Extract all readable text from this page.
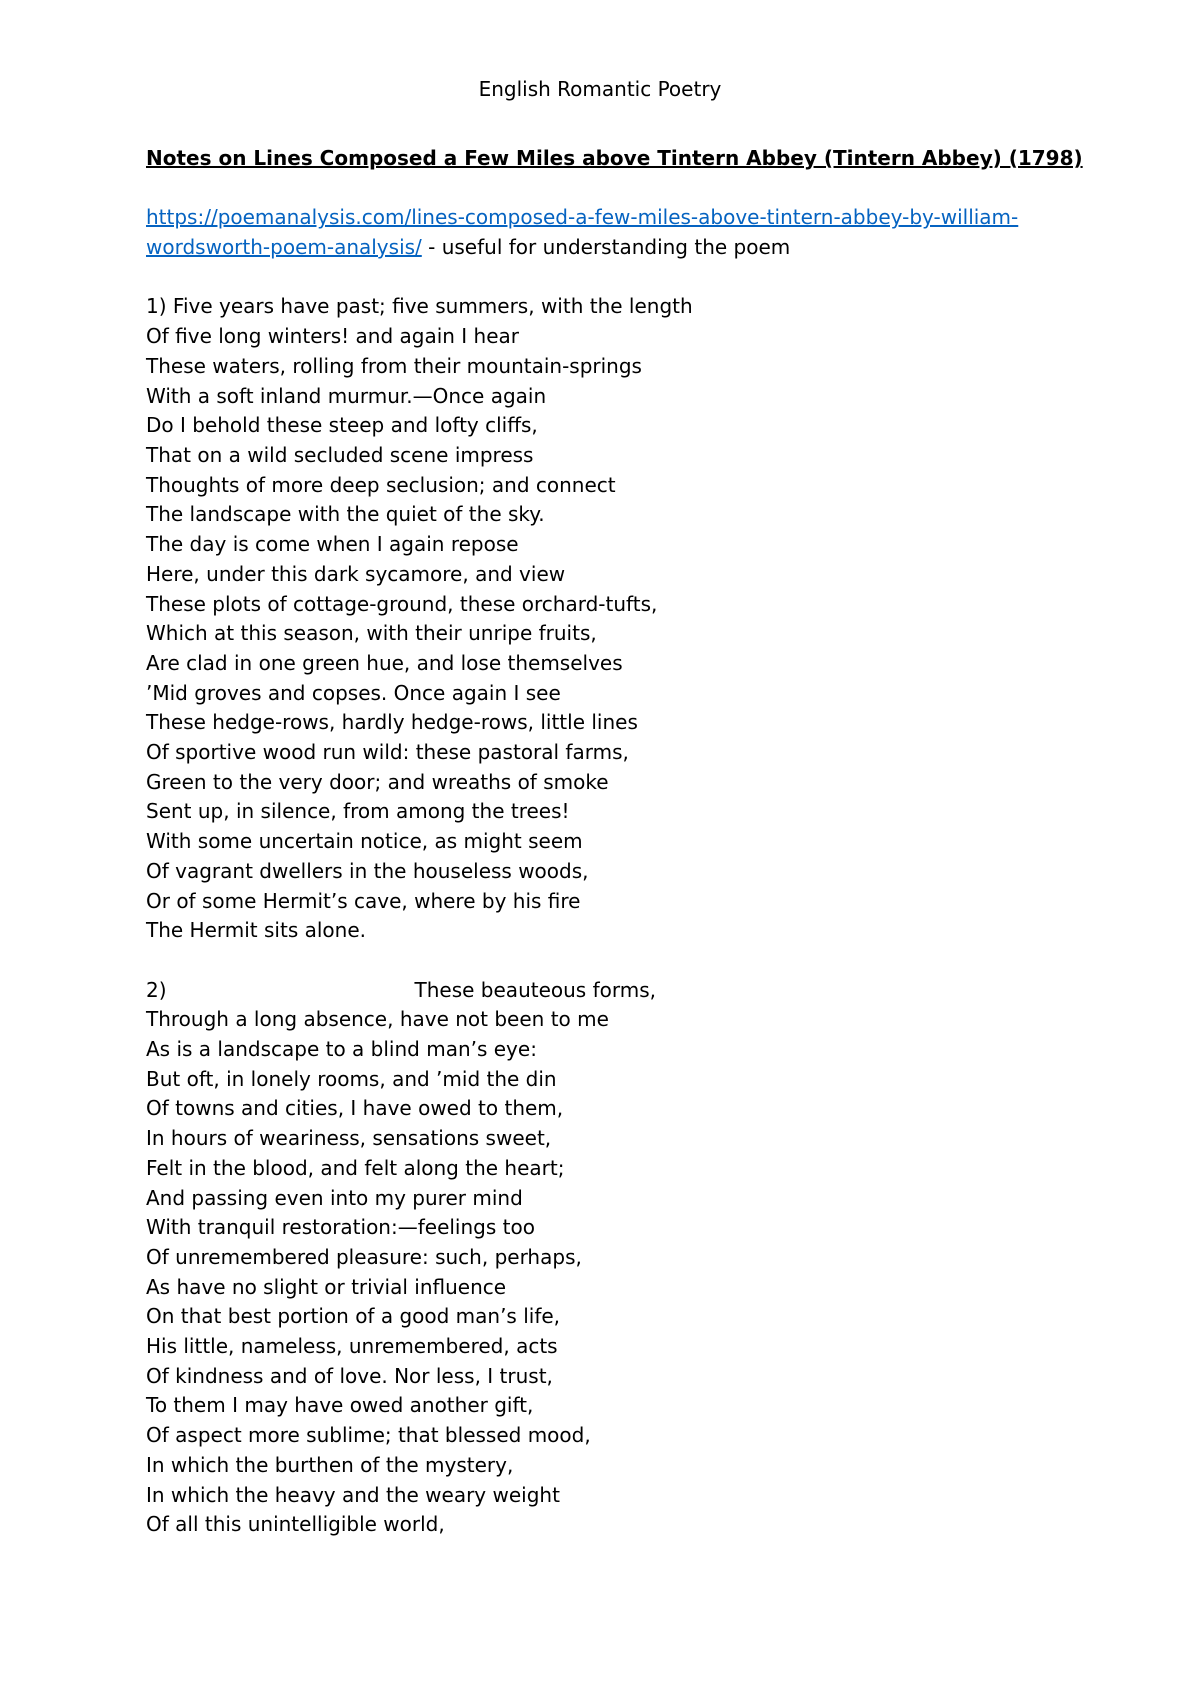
English Romantic Poetry
Notes on Lines Composed a Few Miles above Tintern Abbey (Tintern Abbey) (1798)
https://poemanalysis.com/lines-composed-a-few-miles-above-tintern-abbey-by-william-
wordsworth-poem-analysis/ - useful for understanding the poem
1) Five years have past; five summers, with the length
Of five long winters! and again I hear
These waters, rolling from their mountain-springs
With a soft inland murmur.—Once again
Do I behold these steep and lofty cliffs,
That on a wild secluded scene impress
Thoughts of more deep seclusion; and connect
The landscape with the quiet of the sky.
The day is come when I again repose
Here, under this dark sycamore, and view
These plots of cottage-ground, these orchard-tufts,
Which at this season, with their unripe fruits,
Are clad in one green hue, and lose themselves
’Mid groves and copses. Once again I see
These hedge-rows, hardly hedge-rows, little lines
Of sportive wood run wild: these pastoral farms,
Green to the very door; and wreaths of smoke
Sent up, in silence, from among the trees!
With some uncertain notice, as might seem
Of vagrant dwellers in the houseless woods,
Or of some Hermit’s cave, where by his fire
The Hermit sits alone.
2)	These beauteous forms,
Through a long absence, have not been to me
As is a landscape to a blind man’s eye:
But oft, in lonely rooms, and ’mid the din
Of towns and cities, I have owed to them,
In hours of weariness, sensations sweet,
Felt in the blood, and felt along the heart;
And passing even into my purer mind
With tranquil restoration:—feelings too
Of unremembered pleasure: such, perhaps,
As have no slight or trivial influence
On that best portion of a good man’s life,
His little, nameless, unremembered, acts
Of kindness and of love. Nor less, I trust,
To them I may have owed another gift,
Of aspect more sublime; that blessed mood,
In which the burthen of the mystery,
In which the heavy and the weary weight
Of all this unintelligible world,
